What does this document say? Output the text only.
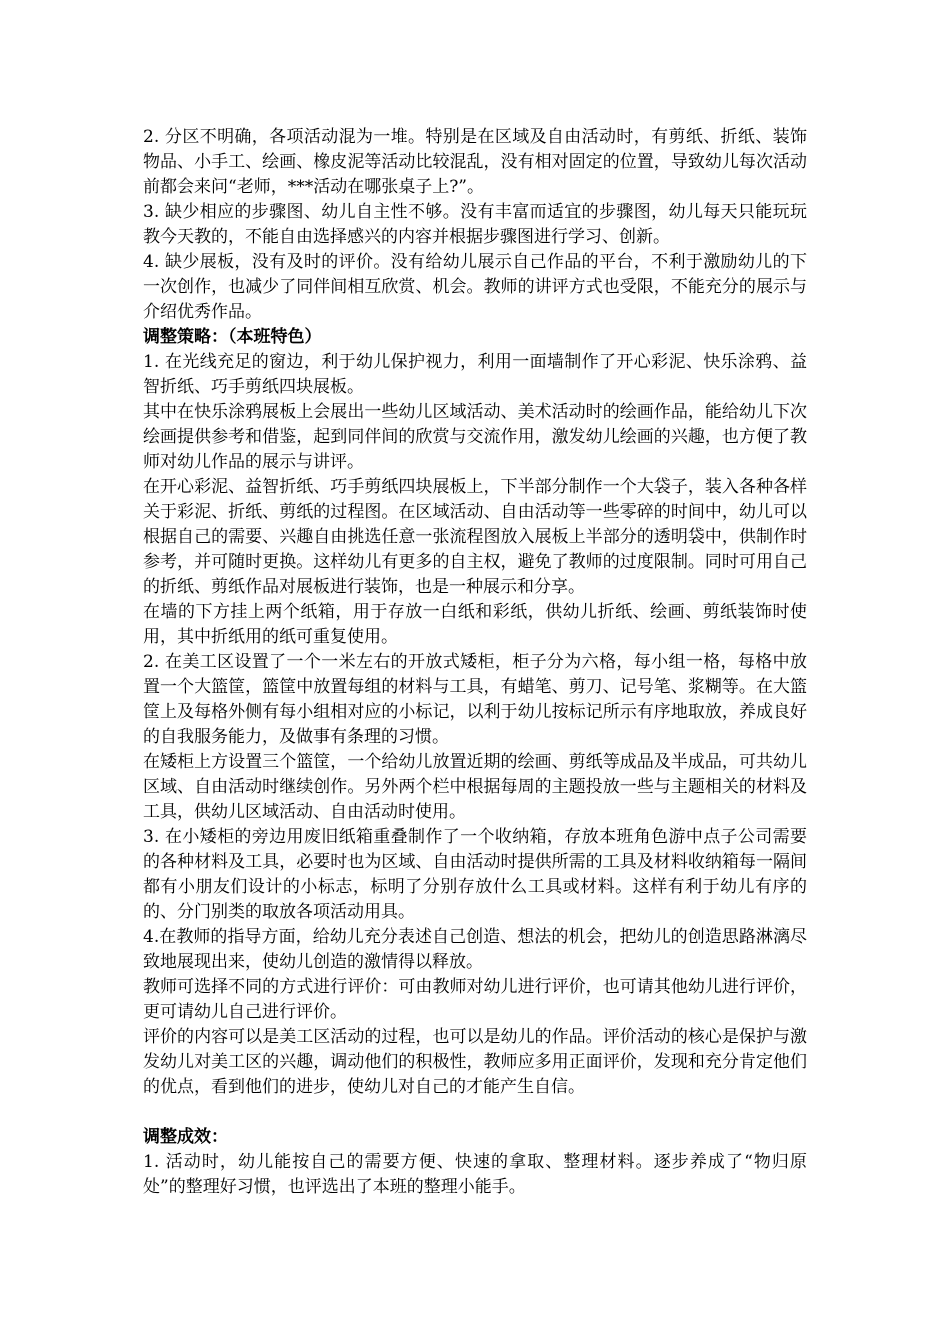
2. 分区不明确，各项活动混为一堆。特别是在区域及自由活动时，有剪纸、折纸、装饰物品、小手工、绘画、橡皮泥等活动比较混乱，没有相对固定的位置，导致幼儿每次活动前都会来问“老师，***活动在哪张桌子上?”。

3. 缺少相应的步骤图、幼儿自主性不够。没有丰富而适宜的步骤图，幼儿每天只能玩玩教今天教的，不能自由选择感兴的内容并根据步骤图进行学习、创新。

4. 缺少展板，没有及时的评价。没有给幼儿展示自己作品的平台，不利于激励幼儿的下一次创作，也减少了同伴间相互欣赏、机会。教师的讲评方式也受限，不能充分的展示与介绍优秀作品。

调整策略：（本班特色）

1. 在光线充足的窗边，利于幼儿保护视力，利用一面墙制作了开心彩泥、快乐涂鸦、益智折纸、巧手剪纸四块展板。

其中在快乐涂鸦展板上会展出一些幼儿区域活动、美术活动时的绘画作品，能给幼儿下次绘画提供参考和借鉴，起到同伴间的欣赏与交流作用，激发幼儿绘画的兴趣，也方便了教师对幼儿作品的展示与讲评。

在开心彩泥、益智折纸、巧手剪纸四块展板上，下半部分制作一个大袋子，装入各种各样关于彩泥、折纸、剪纸的过程图。在区域活动、自由活动等一些零碎的时间中，幼儿可以根据自己的需要、兴趣自由挑选任意一张流程图放入展板上半部分的透明袋中，供制作时参考，并可随时更换。这样幼儿有更多的自主权，避免了教师的过度限制。同时可用自己的折纸、剪纸作品对展板进行装饰，也是一种展示和分享。

在墙的下方挂上两个纸箱，用于存放一白纸和彩纸，供幼儿折纸、绘画、剪纸装饰时使用，其中折纸用的纸可重复使用。

2. 在美工区设置了一个一米左右的开放式矮柜，柜子分为六格，每小组一格，每格中放置一个大篮筐，篮筐中放置每组的材料与工具，有蜡笔、剪刀、记号笔、浆糊等。在大篮筐上及每格外侧有每小组相对应的小标记，以利于幼儿按标记所示有序地取放，养成良好的自我服务能力，及做事有条理的习惯。

在矮柜上方设置三个篮筐，一个给幼儿放置近期的绘画、剪纸等成品及半成品，可共幼儿区域、自由活动时继续创作。另外两个栏中根据每周的主题投放一些与主题相关的材料及工具，供幼儿区域活动、自由活动时使用。

3. 在小矮柜的旁边用废旧纸箱重叠制作了一个收纳箱，存放本班角色游中点子公司需要的各种材料及工具，必要时也为区域、自由活动时提供所需的工具及材料收纳箱每一隔间都有小朋友们设计的小标志，标明了分别存放什么工具或材料。这样有利于幼儿有序的的、分门别类的取放各项活动用具。

4.在教师的指导方面，给幼儿充分表述自己创造、想法的机会，把幼儿的创造思路淋漓尽致地展现出来，使幼儿创造的激情得以释放。

教师可选择不同的方式进行评价：可由教师对幼儿进行评价，也可请其他幼儿进行评价，更可请幼儿自己进行评价。

评价的内容可以是美工区活动的过程，也可以是幼儿的作品。评价活动的核心是保护与激发幼儿对美工区的兴趣，调动他们的积极性，教师应多用正面评价，发现和充分肯定他们的优点，看到他们的进步，使幼儿对自己的才能产生自信。

调整成效：

1. 活动时，幼儿能按自己的需要方便、快速的拿取、整理材料。逐步养成了“物归原处”的整理好习惯，也评选出了本班的整理小能手。
